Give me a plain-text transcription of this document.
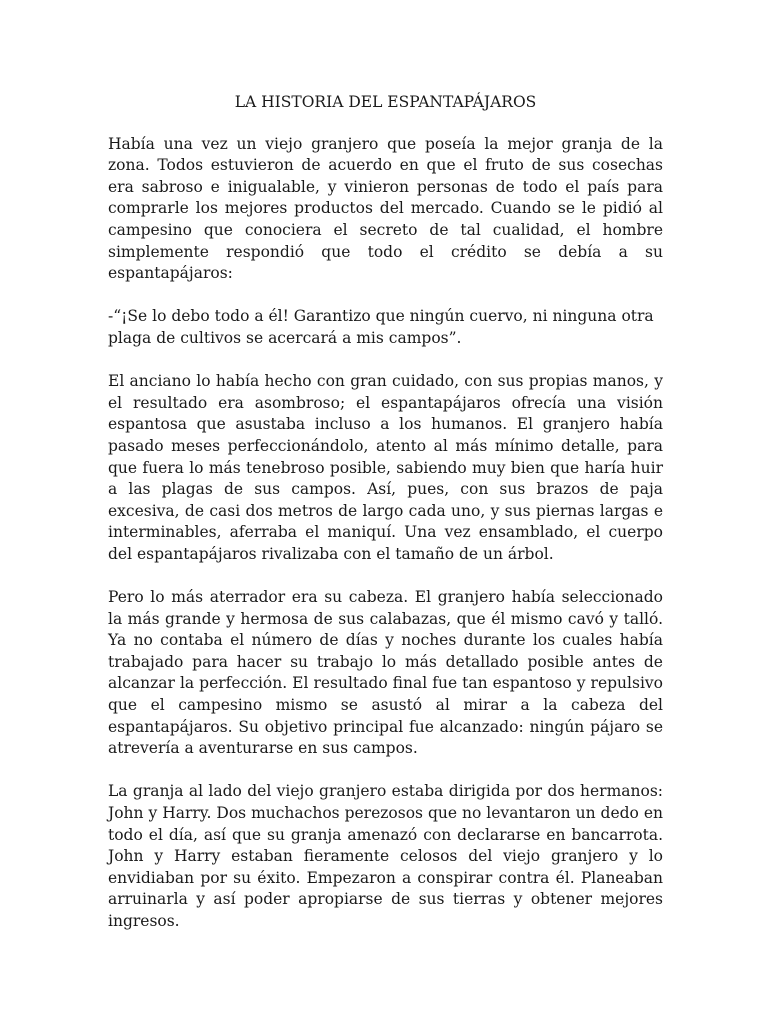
LA HISTORIA DEL ESPANTAPÁJAROS

Había una vez un viejo granjero que poseía la mejor granja de la zona. Todos estuvieron de acuerdo en que el fruto de sus cosechas era sabroso e inigualable, y vinieron personas de todo el país para comprarle los mejores productos del mercado. Cuando se le pidió al campesino que conociera el secreto de tal cualidad, el hombre simplemente respondió que todo el crédito se debía a su espantapájaros:

-“¡Se lo debo todo a él! Garantizo que ningún cuervo, ni ninguna otra plaga de cultivos se acercará a mis campos”.

El anciano lo había hecho con gran cuidado, con sus propias manos, y el resultado era asombroso; el espantapájaros ofrecía una visión espantosa que asustaba incluso a los humanos. El granjero había pasado meses perfeccionándolo, atento al más mínimo detalle, para que fuera lo más tenebroso posible, sabiendo muy bien que haría huir a las plagas de sus campos. Así, pues, con sus brazos de paja excesiva, de casi dos metros de largo cada uno, y sus piernas largas e interminables, aferraba el maniquí. Una vez ensamblado, el cuerpo del espantapájaros rivalizaba con el tamaño de un árbol.

Pero lo más aterrador era su cabeza. El granjero había seleccionado la más grande y hermosa de sus calabazas, que él mismo cavó y talló. Ya no contaba el número de días y noches durante los cuales había trabajado para hacer su trabajo lo más detallado posible antes de alcanzar la perfección. El resultado final fue tan espantoso y repulsivo que el campesino mismo se asustó al mirar a la cabeza del espantapájaros. Su objetivo principal fue alcanzado: ningún pájaro se atrevería a aventurarse en sus campos.

La granja al lado del viejo granjero estaba dirigida por dos hermanos: John y Harry. Dos muchachos perezosos que no levantaron un dedo en todo el día, así que su granja amenazó con declararse en bancarrota. John y Harry estaban fieramente celosos del viejo granjero y lo envidiaban por su éxito. Empezaron a conspirar contra él. Planeaban arruinarla y así poder apropiarse de sus tierras y obtener mejores ingresos.
